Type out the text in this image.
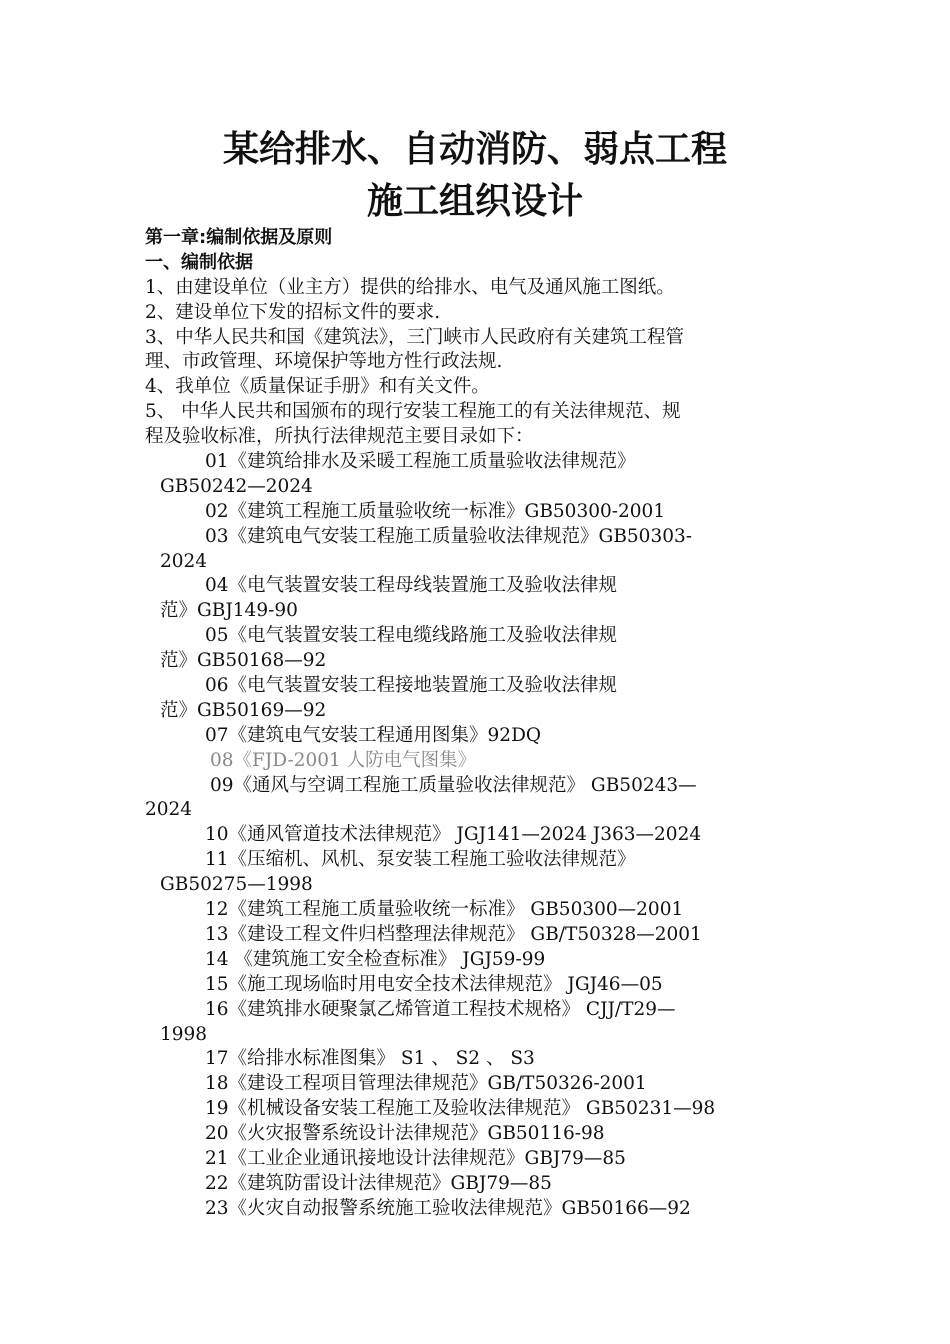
某给排水、自动消防、弱点工程
施工组织设计
第一章:编制依据及原则
一、编制依据
1、由建设单位（业主方）提供的给排水、电气及通风施工图纸。
2、建设单位下发的招标文件的要求.
3、中华人民共和国《建筑法》，三门峡市人民政府有关建筑工程管
理、市政管理、环境保护等地方性行政法规.
4、我单位《质量保证手册》和有关文件。
5、 中华人民共和国颁布的现行安装工程施工的有关法律规范、规
程及验收标准，所执行法律规范主要目录如下：
01《建筑给排水及采暖工程施工质量验收法律规范》
GB50242—2024
02《建筑工程施工质量验收统一标准》GB50300-2001
03《建筑电气安装工程施工质量验收法律规范》GB50303-
2024
04《电气装置安装工程母线装置施工及验收法律规
范》GBJ149-90
05《电气装置安装工程电缆线路施工及验收法律规
范》GB50168—92
06《电气装置安装工程接地装置施工及验收法律规
范》GB50169—92
07《建筑电气安装工程通用图集》92DQ
08《FJD-2001 人防电气图集》
09《通风与空调工程施工质量验收法律规范》 GB50243—
2024
10《通风管道技术法律规范》 JGJ141—2024 J363—2024
11《压缩机、风机、泵安装工程施工验收法律规范》
GB50275—1998
12《建筑工程施工质量验收统一标准》 GB50300—2001
13《建设工程文件归档整理法律规范》 GB/T50328—2001
14 《建筑施工安全检查标准》 JGJ59-99
15《施工现场临时用电安全技术法律规范》 JGJ46—05
16《建筑排水硬聚氯乙烯管道工程技术规格》 CJJ/T29—
1998
17《给排水标准图集》 S1 、 S2 、 S3
18《建设工程项目管理法律规范》GB/T50326-2001
19《机械设备安装工程施工及验收法律规范》 GB50231—98
20《火灾报警系统设计法律规范》GB50116-98
21《工业企业通讯接地设计法律规范》GBJ79—85
22《建筑防雷设计法律规范》GBJ79—85
23《火灾自动报警系统施工验收法律规范》GB50166—92
